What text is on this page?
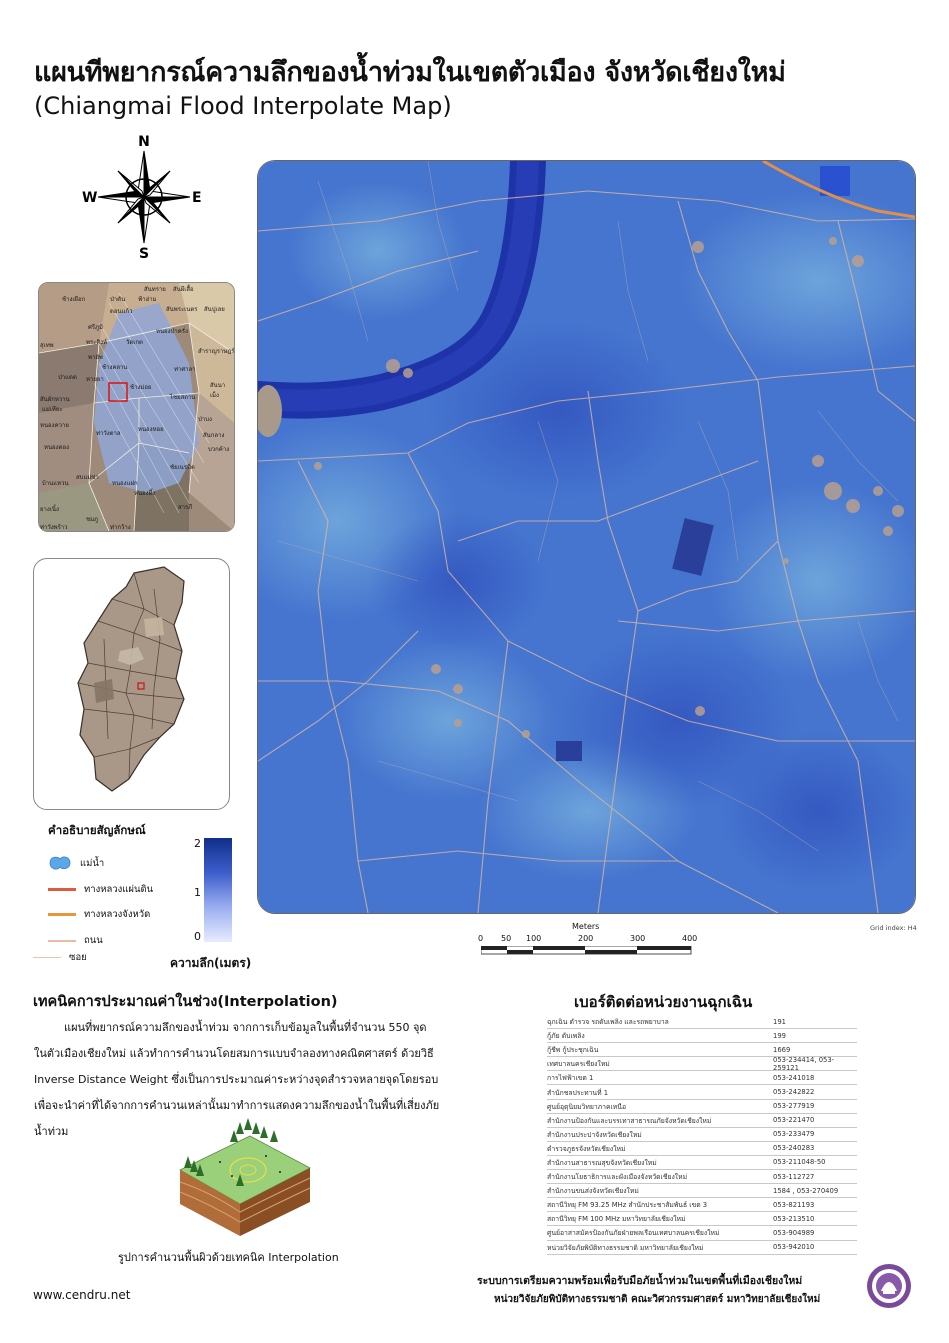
แผนทีพยากรณ์ความลึกของน้ำท่วมในเขตตัวเมือง จังหวัดเชียงใหม่
(Chiangmai Flood Interpolate Map)
N
S
W	E
ช้างเผือก
สันทราย สันผีเสื้อ
ป่าตัน ฟ้าฮ่าม
ดอนแก้ว	สันพระเนตร สันปูเลย
ศรีภูมิ
สุเทพ	พระสิงห์	วัดเกต
หนองป่าครั่ง
สำราญราษฎร์
พายัพ
ช้างคลาน	ท่าศาลา
สันนาเม็ง
ป่าแดด หายยา
ช้างม่อย
สันผักหวาน	ไชยสถาน
หนองควาย
แม่เหียะ
ท่าวังตาล
หนองหอย
ป่าบง
สันกลาง
บวกค้าง
หนองตอง
สบแม่ข่า
ชัยเนรมิต
บ้านแหวน	หนองแฝก
หนองผึ้ง
ยางเนิ้ง	สารภี
ชมภู
ท่าวังพร้าว	ท่ากว้าง
คำอธิบายสัญลักษณ์
แม่น้ำ
ทางหลวงแผ่นดิน
ทางหลวงจังหวัด
ถนน
ซอย
2
1
0
ความลึก(เมตร)
Meters
0 50 100	200	300	400
Grid index: H4
เทคนิคการประมาณค่าในช่วง(Interpolation)
แผนที่พยากรณ์ความลึกของน้ำท่วม จากการเก็บข้อมูลในพื้นที่จำนวน 550 จุด
ในตัวเมืองเชียงใหม่ แล้วทำการคำนวนโดยสมการแบบจำลองทางคณิตศาสตร์ ด้วยวิธี
Inverse Distance Weight ซึ่งเป็นการประมาณค่าระหว่างจุดสำรวจหลายจุดโดยรอบ
เพื่อจะนำค่าที่ได้จากการคำนวนเหล่านั้นมาทำการแสดงความลึกของน้ำในพื้นที่เสี่ยงภัย
น้ำท่วม
รูปการคำนวนพื้นผิวด้วยเทคนิค Interpolation
www.cendru.net
เบอร์ติดต่อหน่วยงานฉุกเฉิน
ฉุกเฉิน ตำรวจ รถดับเพลิง และรถพยาบาล	191
กู้ภัย ดับเพลิง	199
กู้ชีพ กู้ประชุกเฉิน	1669
เทศบาลนครเชียงใหม่
053-234414, 053-259121
การไฟฟ้าเขต 1	053-241018
สำนักชลประทานที่ 1	053-242822
ศูนย์อุตุนิยมวิทยาภาคเหนือ	053-277919
สำนักงานป้องกันและบรรเทาสาธารณภัยจังหวัดเชียงใหม่	053-221470
สำนักงานประปาจังหวัดเชียงใหม่	053-233479
ตำรวจภูธรจังหวัดเชียงใหม่	053-240283
สำนักงานสาธารณสุขจังหวัดเชียงใหม่	053-211048-50
สำนักงานโยธาธิการและผังเมืองจังหวัดเชียงใหม่	053-112727
สำนักงานขนส่งจังหวัดเชียงใหม่	1584 , 053-270409
สถานีวิทยุ FM 93.25 MHz สำนักประชาสัมพันธ์ เขต 3	053-821193
สถานีวิทยุ FM 100 MHz มหาวิทยาลัยเชียงใหม่	053-213510
ศูนย์อาสาสมัครป้องกันภัยฝ่ายพลเรือนเทศบาลนครเชียงใหม่	053-904989
หน่วยวิจัยภัยพิบัติทางธรรมชาติ มหาวิทยาลัยเชียงใหม่	053-942010
ระบบการเตรียมความพร้อมเพื่อรับมือภัยน้ำท่วมในเขตพื้นที่เมืองเชียงใหม่
หน่วยวิจัยภัยพิบัติทางธรรมชาติ คณะวิศวกรรมศาสตร์ มหาวิทยาลัยเชียงใหม่
